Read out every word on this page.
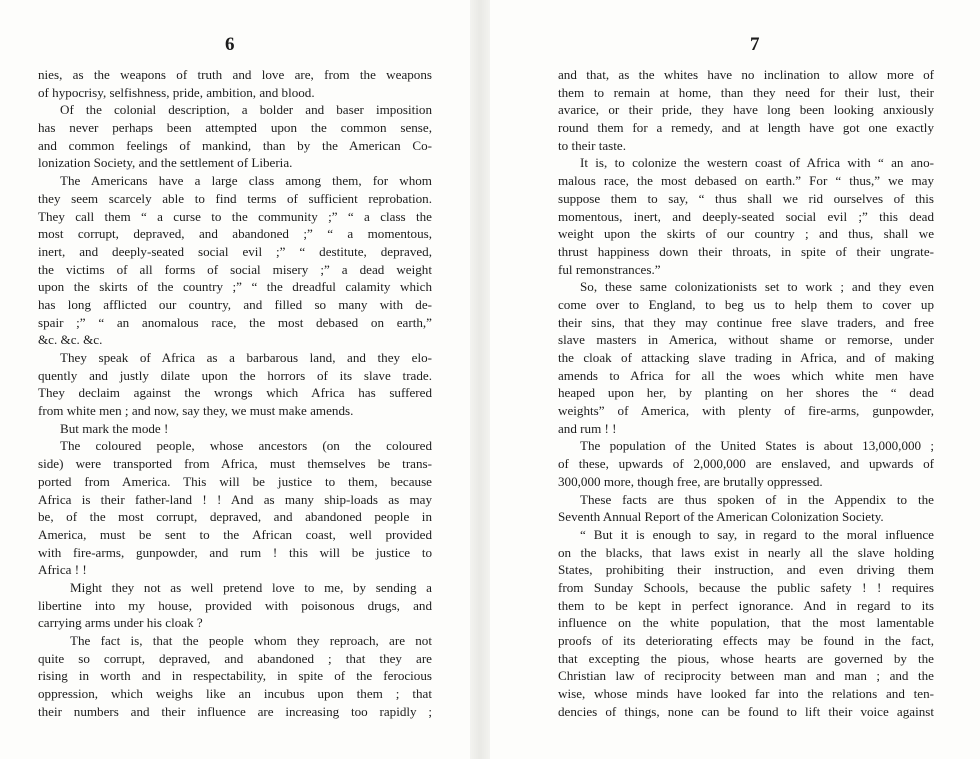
6
nies, as the weapons of truth and love are, from the weapons
of hypocrisy, selfishness, pride, ambition, and blood.
Of the colonial description, a bolder and baser imposition
has never perhaps been attempted upon the common sense,
and common feelings of mankind, than by the American Co-
lonization Society, and the settlement of Liberia.
The Americans have a large class among them, for whom
they seem scarcely able to find terms of sufficient reprobation.
They call them “ a curse to the community ;” “ a class the
most corrupt, depraved, and abandoned ;” “ a momentous,
inert, and deeply-seated social evil ;” “ destitute, depraved,
the victims of all forms of social misery ;” a dead weight
upon the skirts of the country ;” “ the dreadful calamity which
has long afflicted our country, and filled so many with de-
spair ;” “ an anomalous race, the most debased on earth,”
&c. &c. &c.
They speak of Africa as a barbarous land, and they elo-
quently and justly dilate upon the horrors of its slave trade.
They declaim against the wrongs which Africa has suffered
from white men ; and now, say they, we must make amends.
But mark the mode !
The coloured people, whose ancestors (on the coloured
side) were transported from Africa, must themselves be trans-
ported from America. This will be justice to them, because
Africa is their father-land ! ! And as many ship-loads as may
be, of the most corrupt, depraved, and abandoned people in
America, must be sent to the African coast, well provided
with fire-arms, gunpowder, and rum ! this will be justice to
Africa ! !
Might they not as well pretend love to me, by sending a
libertine into my house, provided with poisonous drugs, and
carrying arms under his cloak ?
The fact is, that the people whom they reproach, are not
quite so corrupt, depraved, and abandoned ; that they are
rising in worth and in respectability, in spite of the ferocious
oppression, which weighs like an incubus upon them ; that
their numbers and their influence are increasing too rapidly ;
7
and that, as the whites have no inclination to allow more of
them to remain at home, than they need for their lust, their
avarice, or their pride, they have long been looking anxiously
round them for a remedy, and at length have got one exactly
to their taste.
It is, to colonize the western coast of Africa with “ an ano-
malous race, the most debased on earth.” For “ thus,” we may
suppose them to say, “ thus shall we rid ourselves of this
momentous, inert, and deeply-seated social evil ;” this dead
weight upon the skirts of our country ; and thus, shall we
thrust happiness down their throats, in spite of their ungrate-
ful remonstrances.”
So, these same colonizationists set to work ; and they even
come over to England, to beg us to help them to cover up
their sins, that they may continue free slave traders, and free
slave masters in America, without shame or remorse, under
the cloak of attacking slave trading in Africa, and of making
amends to Africa for all the woes which white men have
heaped upon her, by planting on her shores the “ dead
weights” of America, with plenty of fire-arms, gunpowder,
and rum ! !
The population of the United States is about 13,000,000 ;
of these, upwards of 2,000,000 are enslaved, and upwards of
300,000 more, though free, are brutally oppressed.
These facts are thus spoken of in the Appendix to the
Seventh Annual Report of the American Colonization Society.
“ But it is enough to say, in regard to the moral influence
on the blacks, that laws exist in nearly all the slave holding
States, prohibiting their instruction, and even driving them
from Sunday Schools, because the public safety ! ! requires
them to be kept in perfect ignorance. And in regard to its
influence on the white population, that the most lamentable
proofs of its deteriorating effects may be found in the fact,
that excepting the pious, whose hearts are governed by the
Christian law of reciprocity between man and man ; and the
wise, whose minds have looked far into the relations and ten-
dencies of things, none can be found to lift their voice against
